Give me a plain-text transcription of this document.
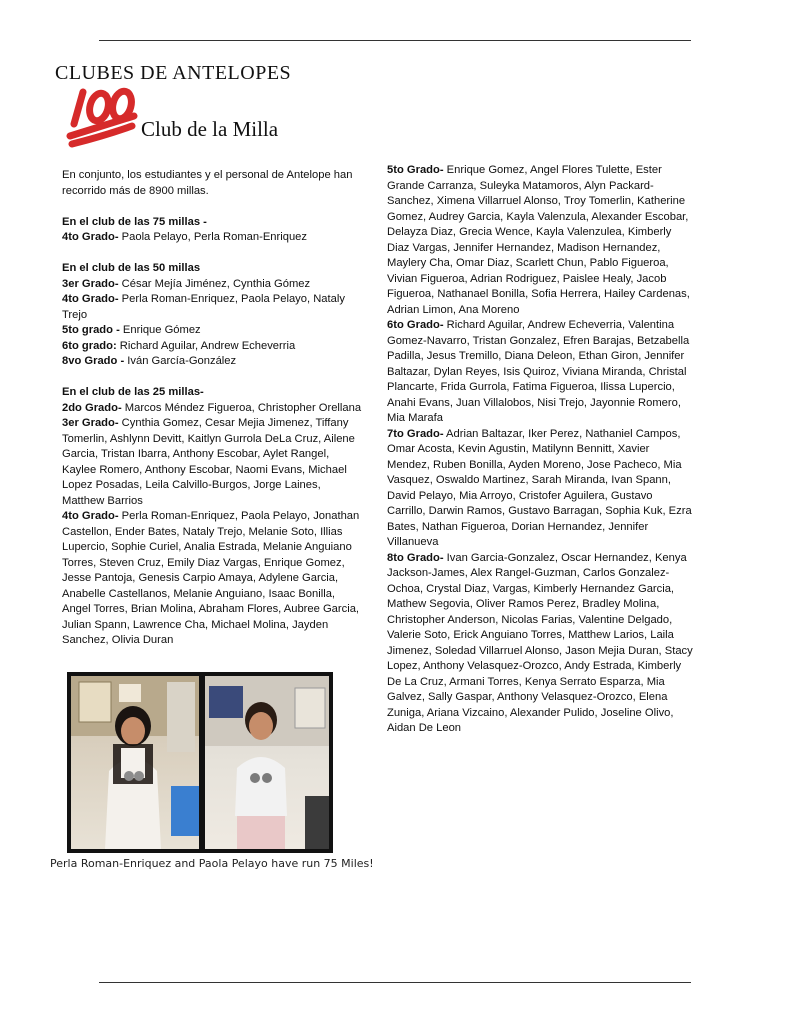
CLUBES DE ANTELOPES
Club de la Milla

En conjunto, los estudiantes y el personal de Antelope han recorrido más de 8900 millas.

En el club de las 75 millas -

4to Grado- Paola Pelayo, Perla Roman-Enriquez

En el club de las 50 millas

3er Grado- César Mejía Jiménez, Cynthia Gómez

4to Grado- Perla Roman-Enriquez, Paola Pelayo, Nataly Trejo

5to grado - Enrique Gómez

6to grado: Richard Aguilar, Andrew Echeverria

8vo Grado - Iván García-González

En el club de las 25 millas-

2do Grado- Marcos Méndez Figueroa, Christopher Orellana

3er Grado- Cynthia Gomez, Cesar Mejia Jimenez, Tiffany Tomerlin, Ashlynn Devitt, Kaitlyn Gurrola DeLa Cruz, Ailene Garcia, Tristan Ibarra, Anthony Escobar, Aylet Rangel, Kaylee Romero, Anthony Escobar, Naomi Evans, Michael Lopez Posadas, Leila Calvillo-Burgos, Jorge Laines, Matthew Barrios

4to Grado- Perla Roman-Enriquez, Paola Pelayo, Jonathan Castellon, Ender Bates, Nataly Trejo, Melanie Soto, Illias Lupercio, Sophie Curiel, Analia Estrada, Melanie Anguiano Torres, Steven Cruz, Emily Diaz Vargas, Enrique Gomez, Jesse Pantoja, Genesis Carpio Amaya, Adylene Garcia, Anabelle Castellanos, Melanie Anguiano, Isaac Bonilla, Angel Torres, Brian Molina, Abraham Flores, Aubree Garcia, Julian Spann, Lawrence Cha, Michael Molina, Jayden Sanchez, Olivia Duran

5to Grado- Enrique Gomez, Angel Flores Tulette, Ester Grande Carranza, Suleyka Matamoros, Alyn Packard-Sanchez, Ximena Villarruel Alonso, Troy Tomerlin, Katherine Gomez, Audrey Garcia, Kayla Valenzula, Alexander Escobar, Delayza Diaz, Grecia Wence, Kayla Valenzulea, Kimberly Diaz Vargas, Jennifer Hernandez, Madison Hernandez, Maylery Cha, Omar Diaz, Scarlett Chun, Pablo Figueroa, Vivian Figueroa, Adrian Rodriguez, Paislee Healy, Jacob Figueroa, Nathanael Bonilla, Sofia Herrera, Hailey Cardenas, Adrian Limon, Ana Moreno

6to Grado- Richard Aguilar, Andrew Echeverria, Valentina Gomez-Navarro, Tristan Gonzalez, Efren Barajas, Betzabella Padilla, Jesus Tremillo, Diana Deleon, Ethan Giron, Jennifer Baltazar, Dylan Reyes, Isis Quiroz, Viviana Miranda, Christal Plancarte, Frida Gurrola, Fatima Figueroa, Ilissa Lupercio, Anahi Evans, Juan Villalobos, Nisi Trejo, Jayonnie Romero, Mia Marafa

7to Grado- Adrian Baltazar, Iker Perez, Nathaniel Campos, Omar Acosta, Kevin Agustin, Matilynn Bennitt, Xavier Mendez, Ruben Bonilla, Ayden Moreno, Jose Pacheco, Mia Vasquez, Oswaldo Martinez, Sarah Miranda, Ivan Spann, David Pelayo, Mia Arroyo, Cristofer Aguilera, Gustavo Carrillo, Darwin Ramos, Gustavo Barragan, Sophia Kuk, Ezra Bates, Nathan Figueroa, Dorian Hernandez, Jennifer Villanueva

8to Grado- Ivan Garcia-Gonzalez, Oscar Hernandez, Kenya Jackson-James, Alex Rangel-Guzman, Carlos Gonzalez-Ochoa, Crystal Diaz, Vargas, Kimberly Hernandez Garcia, Mathew Segovia, Oliver Ramos Perez, Bradley Molina, Christopher Anderson, Nicolas Farias, Valentine Delgado, Valerie Soto, Erick Anguiano Torres, Matthew Larios, Laila Jimenez, Soledad Villarruel Alonso, Jason Mejia Duran, Stacy Lopez, Anthony Velasquez-Orozco, Andy Estrada, Kimberly De La Cruz, Armani Torres, Kenya Serrato Esparza, Mia Galvez, Sally Gaspar, Anthony Velasquez-Orozco, Elena Zuniga, Ariana Vizcaino, Alexander Pulido, Joseline Olivo, Aidan De Leon

Perla Roman-Enriquez and Paola Pelayo have run 75 Miles!
